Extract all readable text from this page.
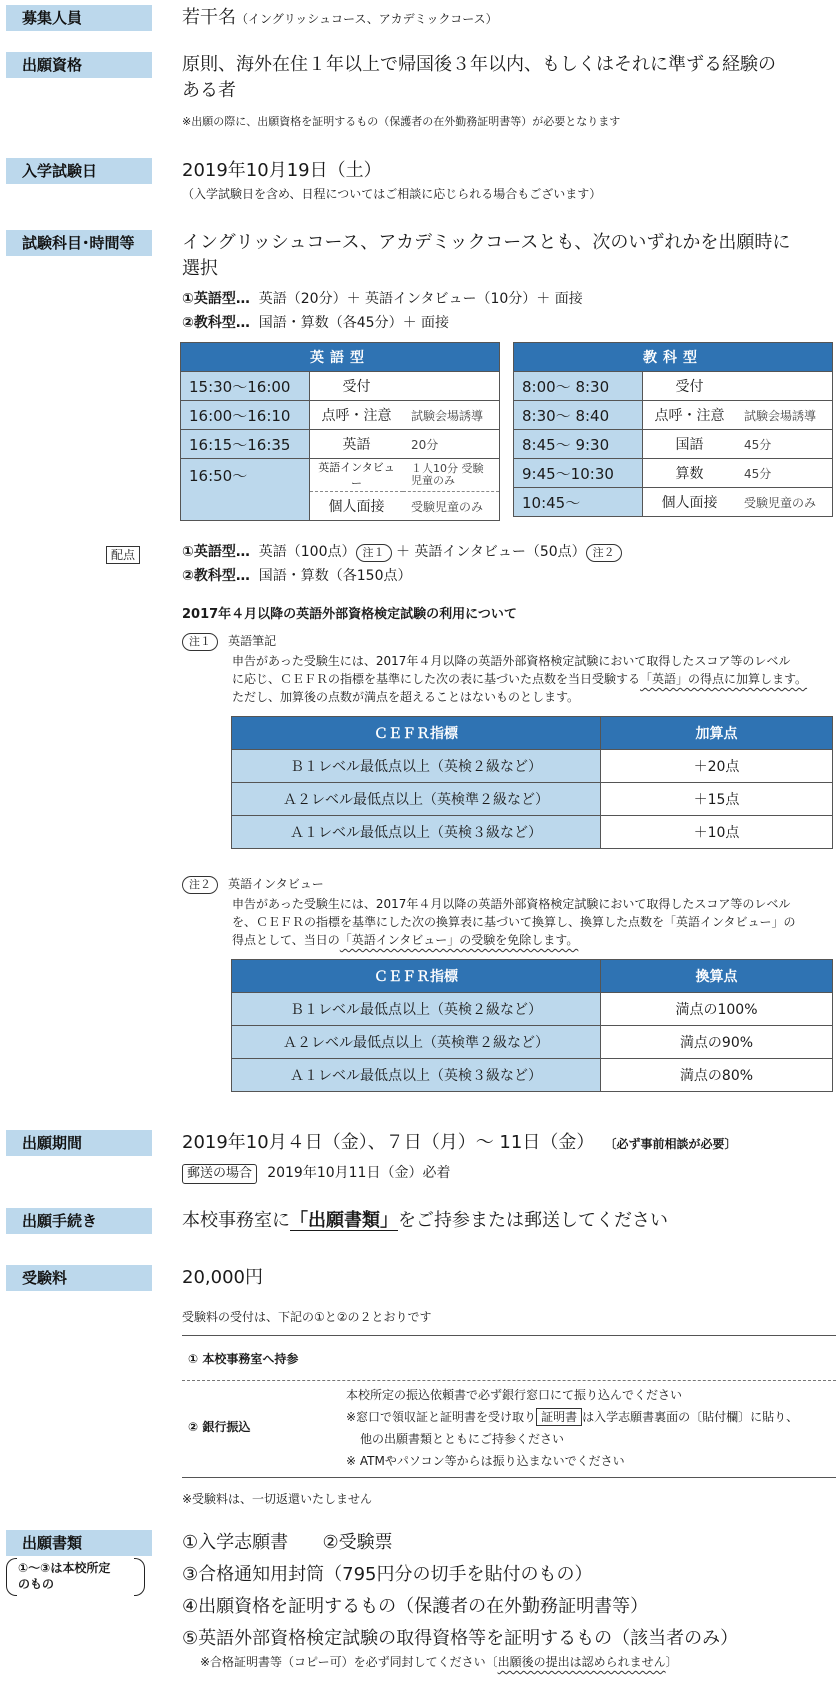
募集人員	若干名（イングリッシュコース、アカデミックコース）
出願資格	原則、海外在住１年以上で帰国後３年以内、もしくはそれに準ずる経験の
ある者
※出願の際に、出願資格を証明するもの（保護者の在外勤務証明書等）が必要となります
入学試験日	2019年10月19日（土）
（入学試験日を含め、日程についてはご相談に応じられる場合もございます）
試験科目･時間等	イングリッシュコース、アカデミックコースとも、次のいずれかを出願時に
選択
①英語型… 英語（20分）＋ 英語インタビュー（10分）＋ 面接
②教科型… 国語・算数（各45分）＋ 面接
英語型		
15:30〜16:00	受付	
16:00〜16:10	点呼・注意	試験会場誘導
16:15〜16:35	英語	20分
16:50〜	英語インタビュー	１人10分 受験児童のみ
	個人面接	受験児童のみ
教科型		
8:00〜 8:30	受付	
8:30〜 8:40	点呼・注意	試験会場誘導
8:45〜 9:30	国語	45分
9:45〜10:30	算数	45分
10:45〜	個人面接	受験児童のみ
配点	①英語型… 英語（100点） 注１ ＋ 英語インタビュー（50点） 注２
②教科型… 国語・算数（各150点）
2017年４月以降の英語外部資格検定試験の利用について
注１ 英語筆記
申告があった受験生には、2017年４月以降の英語外部資格検定試験において取得したスコア等のレベル
に応じ、ＣＥＦＲの指標を基準にした次の表に基づいた点数を当日受験する「英語」の得点に加算します。
ただし、加算後の点数が満点を超えることはないものとします。
ＣＥＦＲ指標	加算点
Ｂ１レベル最低点以上（英検２級など）	＋20点
Ａ２レベル最低点以上（英検準２級など）	＋15点
Ａ１レベル最低点以上（英検３級など）	＋10点
注２ 英語インタビュー
申告があった受験生には、2017年４月以降の英語外部資格検定試験において取得したスコア等のレベル
を、ＣＥＦＲの指標を基準にした次の換算表に基づいて換算し、換算した点数を「英語インタビュー」の
得点として、当日の「英語インタビュー」の受験を免除します。
ＣＥＦＲ指標	換算点
Ｂ１レベル最低点以上（英検２級など）	満点の100%
Ａ２レベル最低点以上（英検準２級など）	満点の90%
Ａ１レベル最低点以上（英検３級など）	満点の80%
出願期間	2019年10月４日（金）、７日（月）〜 11日（金） 〔必ず事前相談が必要〕
郵送の場合 2019年10月11日（金）必着
出願手続き	本校事務室に「出願書類」をご持参または郵送してください
受験料	20,000円
受験料の受付は、下記の①と②の２とおりです
① 本校事務室へ持参
② 銀行振込
本校所定の振込依頼書で必ず銀行窓口にて振り込んでください
※窓口で領収証と証明書を受け取り 証明書 は入学志願書裏面の〔貼付欄〕に貼り、
他の出願書類とともにご持参ください
※ ATMやパソコン等からは振り込まないでください
※受験料は、一切返還いたしません
出願書類
①〜③は本校所定
のもの
①入学志願書 ②受験票
③合格通知用封筒（795円分の切手を貼付のもの）
④出願資格を証明するもの（保護者の在外勤務証明書等）
⑤英語外部資格検定試験の取得資格等を証明するもの（該当者のみ）
※合格証明書等（コピー可）を必ず同封してください〔出願後の提出は認められません〕
